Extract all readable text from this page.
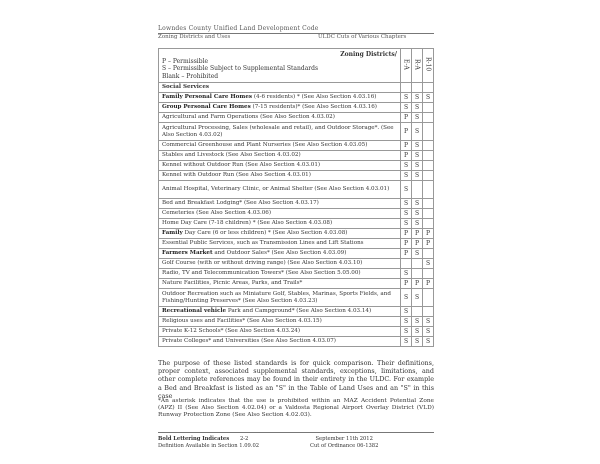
Lowndes County Unified Land Development Code
Zoning Districts and Uses	ULDC Cuts of Various Chapters
Zoning Districts/
P – Permissible
S – Permissible Subject to Supplemental Standards
Blank – Prohibited	E-A	R-A	R-10
Social Services			
Family Personal Care Homes (4-6 residents) * (See Also Section 4.03.16)	S	S	S
Group Personal Care Homes (7-15 residents)* (See Also Section 4.03.16)	S	S	
Agricultural and Farm Operations (See Also Section 4.03.02)	P	S	
Agricultural Processing, Sales (wholesale and retail), and Outdoor Storage*. (See Also Section 4.03.02)	P	S	
Commercial Greenhouse and Plant Nurseries (See Also Section 4.03.05)	P	S	
Stables and Livestock (See Also Section 4.03.02)	P	S	
Kennel without Outdoor Run (See Also Section 4.03.01)	S	S	
Kennel with Outdoor Run (See Also Section 4.03.01)	S	S	
Animal Hospital, Veterinary Clinic, or Animal Shelter (See Also Section 4.03.01)	S		
Bed and Breakfast Lodging* (See Also Section 4.03.17)	S	S	
Cemeteries (See Also Section 4.03.06)	S	S	
Home Day Care (7-18 children) * (See Also Section 4.03.08)	S	S	
Family Day Care (6 or less children) * (See Also Section 4.03.08)	P	P	P
Essential Public Services, such as Transmission Lines and Lift Stations	P	P	P
Farmers Market and Outdoor Sales* (See Also Section 4.03.09)	P	S	
Golf Course (with or without driving range) (See Also Section 4.03.10)			S
Radio, TV and Telecommunication Towers* (See Also Section 5.05.00)	S		
Nature Facilities, Picnic Areas, Parks, and Trails*	P	P	P
Outdoor Recreation such as Miniature Golf, Stables, Marinas, Sports Fields, and Fishing/Hunting Preserves* (See Also Section 4.03.23)	S	S	
Recreational vehicle Park and Campground* (See Also Section 4.03.14)	S		
Religious uses and Facilities* (See Also Section 4.03.15)	S	S	S
Private K-12 Schools* (See Also Section 4.03.24)	S	S	S
Private Colleges* and Universities (See Also Section 4.03.07)	S	S	S
The purpose of these listed standards is for quick comparison. Their definitions, proper context, associated supplemental standards, exceptions, limitations, and other complete references may be found in their entirety in the ULDC. For example a Bed and Breakfast is listed as an "S" in the Table of Land Uses and an "S" in this case
*An asterisk indicates that the use is prohibited within an MAZ Accident Potential Zone (APZ) II (See Also Section 4.02.04) or a Valdosta Regional Airport Overlay District (VLD) Runway Protection Zone (See Also Section 4.02.03).
Bold Lettering Indicates
Definition Available in Section 1.09.02
2-2	September 11th 2012
Cut of Ordinance 06-1382
